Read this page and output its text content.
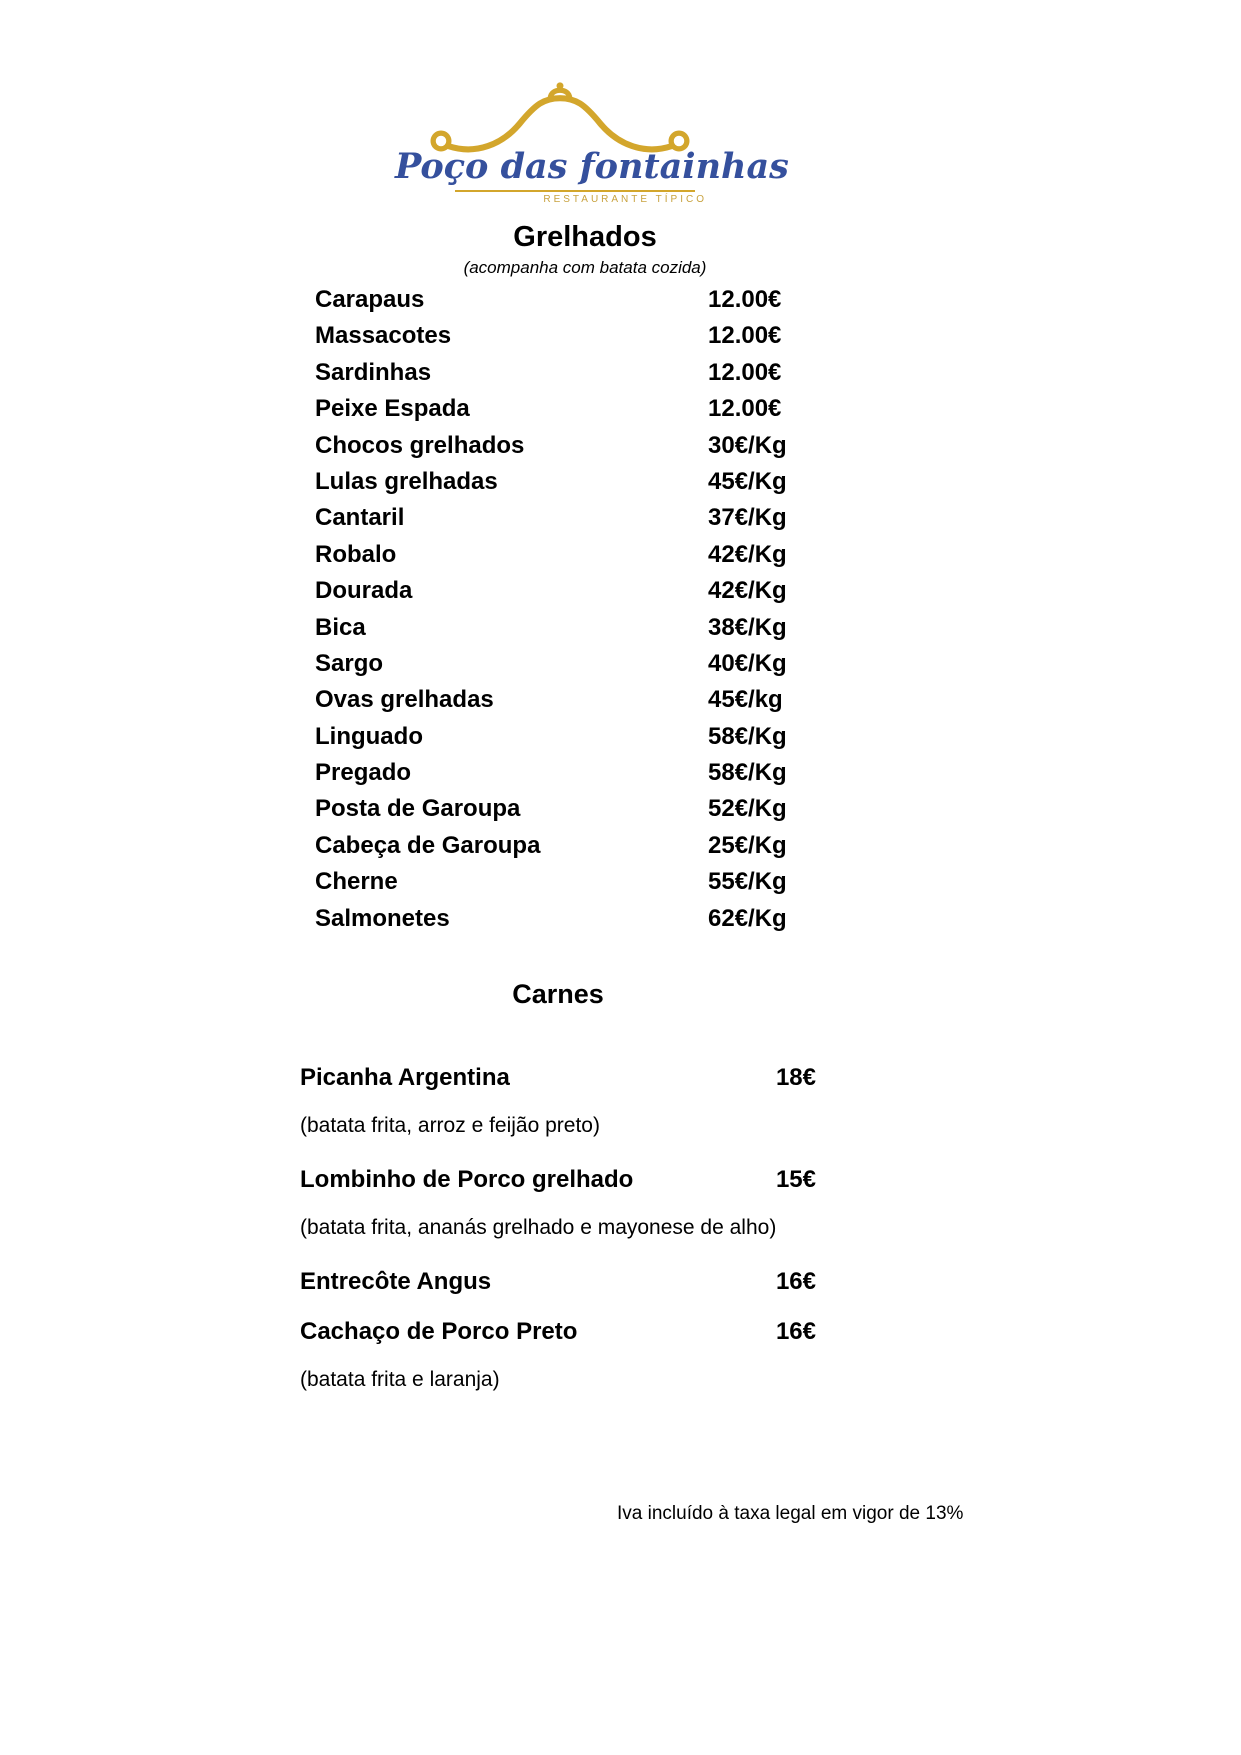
Poço das fontainhas
RESTAURANTE TÍPICO
Grelhados
(acompanha com batata cozida)
Carapaus	12.00€
Massacotes	12.00€
Sardinhas	12.00€
Peixe Espada	12.00€
Chocos grelhados	30€/Kg
Lulas grelhadas	45€/Kg
Cantaril	37€/Kg
Robalo	42€/Kg
Dourada	42€/Kg
Bica	38€/Kg
Sargo	40€/Kg
Ovas grelhadas	45€/kg
Linguado	58€/Kg
Pregado	58€/Kg
Posta de Garoupa	52€/Kg
Cabeça de Garoupa	25€/Kg
Cherne	55€/Kg
Salmonetes	62€/Kg
Carnes
Picanha Argentina	18€
(batata frita, arroz e feijão preto)
Lombinho de Porco grelhado	15€
(batata frita, ananás grelhado e mayonese de alho)
Entrecôte Angus	16€
Cachaço de Porco Preto	16€
(batata frita e laranja)
Iva incluído à taxa legal em vigor de 13%
